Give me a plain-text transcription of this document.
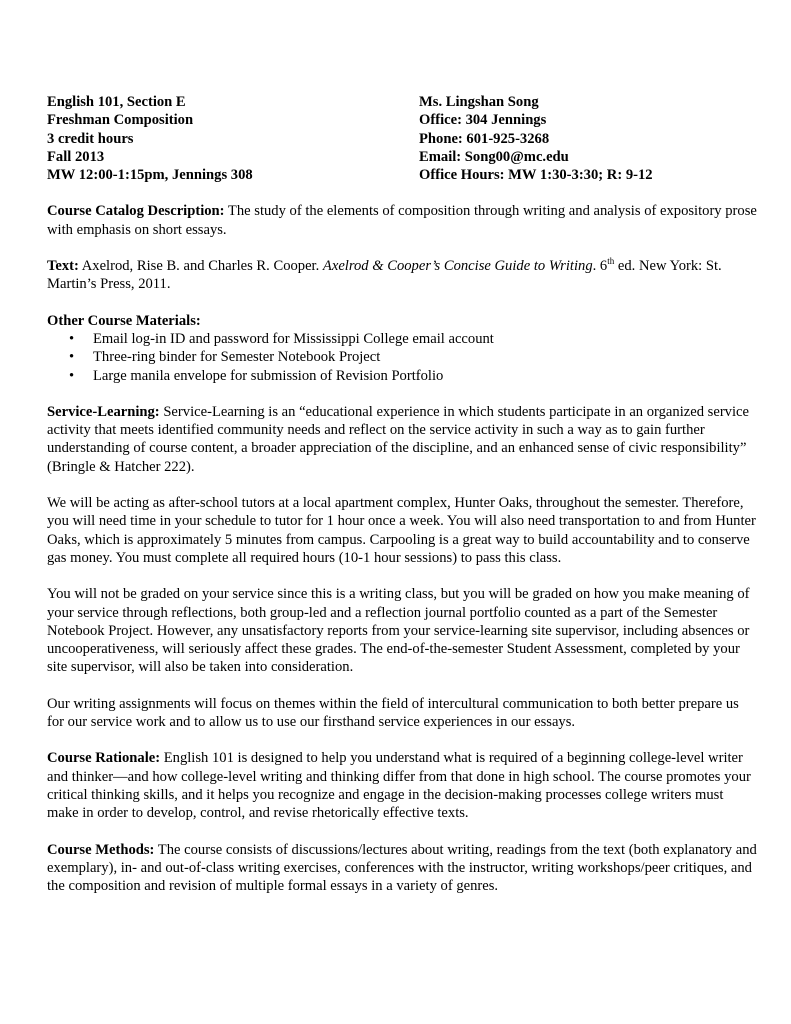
English 101, Section E
Freshman Composition
3 credit hours
Fall 2013
MW 12:00-1:15pm, Jennings 308
Ms. Lingshan Song
Office: 304 Jennings
Phone: 601-925-3268
Email: Song00@mc.edu
Office Hours: MW 1:30-3:30; R: 9-12

Course Catalog Description: The study of the elements of composition through writing and analysis of expository prose with emphasis on short essays.

Text: Axelrod, Rise B. and Charles R. Cooper. Axelrod & Cooper’s Concise Guide to Writing. 6th ed. New York: St. Martin’s Press, 2011.

Other Course Materials:

• Email log-in ID and password for Mississippi College email account
• Three-ring binder for Semester Notebook Project
• Large manila envelope for submission of Revision Portfolio

Service-Learning: Service-Learning is an “educational experience in which students participate in an organized service activity that meets identified community needs and reflect on the service activity in such a way as to gain further understanding of course content, a broader appreciation of the discipline, and an enhanced sense of civic responsibility” (Bringle & Hatcher 222).

We will be acting as after-school tutors at a local apartment complex, Hunter Oaks, throughout the semester. Therefore, you will need time in your schedule to tutor for 1 hour once a week. You will also need transportation to and from Hunter Oaks, which is approximately 5 minutes from campus. Carpooling is a great way to build accountability and to conserve gas money. You must complete all required hours (10-1 hour sessions) to pass this class.

You will not be graded on your service since this is a writing class, but you will be graded on how you make meaning of your service through reflections, both group-led and a reflection journal portfolio counted as a part of the Semester Notebook Project. However, any unsatisfactory reports from your service-learning site supervisor, including absences or uncooperativeness, will seriously affect these grades. The end-of-the-semester Student Assessment, completed by your site supervisor, will also be taken into consideration.

Our writing assignments will focus on themes within the field of intercultural communication to both better prepare us for our service work and to allow us to use our firsthand service experiences in our essays.

Course Rationale: English 101 is designed to help you understand what is required of a beginning college-level writer and thinker—and how college-level writing and thinking differ from that done in high school. The course promotes your critical thinking skills, and it helps you recognize and engage in the decision-making processes college writers must make in order to develop, control, and revise rhetorically effective texts.

Course Methods: The course consists of discussions/lectures about writing, readings from the text (both explanatory and exemplary), in- and out-of-class writing exercises, conferences with the instructor, writing workshops/peer critiques, and the composition and revision of multiple formal essays in a variety of genres.
